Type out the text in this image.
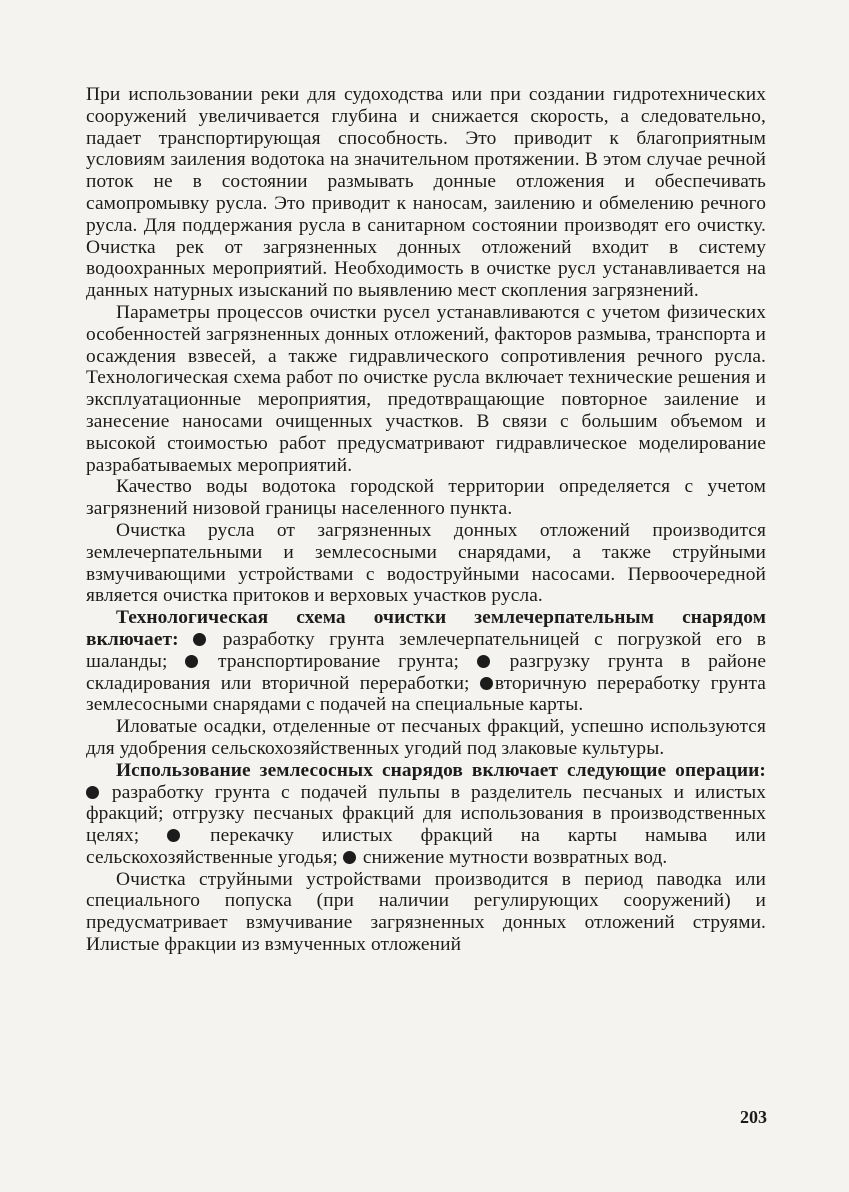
При использовании реки для судоходства или при создании гидротехнических сооружений увеличивается глубина и снижается скорость, а следовательно, падает транспортирующая способность. Это приводит к благоприятным условиям заиления водотока на значительном протяжении. В этом случае речной поток не в состоянии размывать донные отложения и обеспечивать самопромывку русла. Это приводит к наносам, заилению и обмелению речного русла. Для поддержания русла в санитарном состоянии производят его очистку. Очистка рек от загрязненных донных отложений входит в систему водоохранных мероприятий. Необходимость в очистке русл устанавливается на данных натурных изысканий по выявлению мест скопления загрязнений.

Параметры процессов очистки русел устанавливаются с учетом физических особенностей загрязненных донных отложений, факторов размыва, транспорта и осаждения взвесей, а также гидравлического сопротивления речного русла. Технологическая схема работ по очистке русла включает технические решения и эксплуатационные мероприятия, предотвращающие повторное заиление и занесение наносами очищенных участков. В связи с большим объемом и высокой стоимостью работ предусматривают гидравлическое моделирование разрабатываемых мероприятий.

Качество воды водотока городской территории определяется с учетом загрязнений низовой границы населенного пункта.

Очистка русла от загрязненных донных отложений производится землечерпательными и землесосными снарядами, а также струйными взмучивающими устройствами с водоструйными насосами. Первоочередной является очистка притоков и верховых участков русла.

Технологическая схема очистки землечерпательным снарядом включает: разработку грунта землечерпательницей с погрузкой его в шаланды;	транспортирование грунта;	разгрузку грунта в районе складирования или вторичной переработки; вторичную переработку грунта землесосными снарядами с подачей на специальные карты.

Иловатые осадки, отделенные от песчаных фракций, успешно используются для удобрения сельскохозяйственных угодий под злаковые культуры.

Использование землесосных снарядов включает следующие операции:  разработку грунта с подачей пульпы в разделитель песчаных и илистых фракций; отгрузку песчаных фракций для использования в производственных целях;	перекачку илистых фракций на карты намыва или сельскохозяйственные угодья; снижение мутности возвратных вод.

Очистка струйными устройствами производится в период паводка или специального попуска (при наличии регулирующих сооружений) и предусматривает взмучивание загрязненных донных отложений струями. Илистые фракции из взмученных отложений

203
